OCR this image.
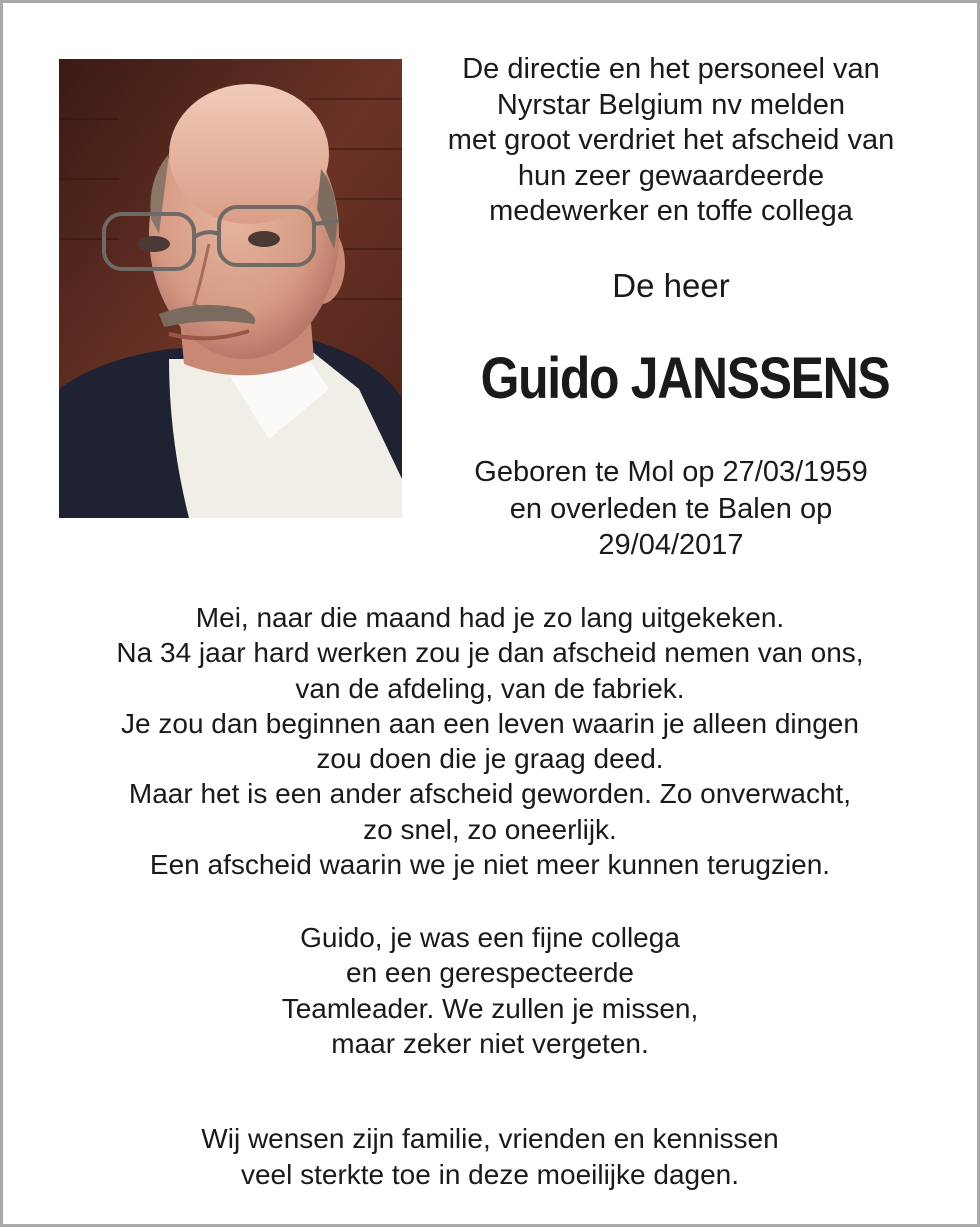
De directie en het personeel van
Nyrstar Belgium nv melden
met groot verdriet het afscheid van
hun zeer gewaardeerde
medewerker en toffe collega
De heer
Guido JANSSENS
Geboren te Mol op 27/03/1959
en overleden te Balen op
29/04/2017
Mei, naar die maand had je zo lang uitgekeken.
Na 34 jaar hard werken zou je dan afscheid nemen van ons,
van de afdeling, van de fabriek.
Je zou dan beginnen aan een leven waarin je alleen dingen
zou doen die je graag deed.
Maar het is een ander afscheid geworden. Zo onverwacht,
zo snel, zo oneerlijk.
Een afscheid waarin we je niet meer kunnen terugzien.
Guido, je was een fijne collega
en een gerespecteerde
Teamleader. We zullen je missen,
maar zeker niet vergeten.
Wij wensen zijn familie, vrienden en kennissen
veel sterkte toe in deze moeilijke dagen.
